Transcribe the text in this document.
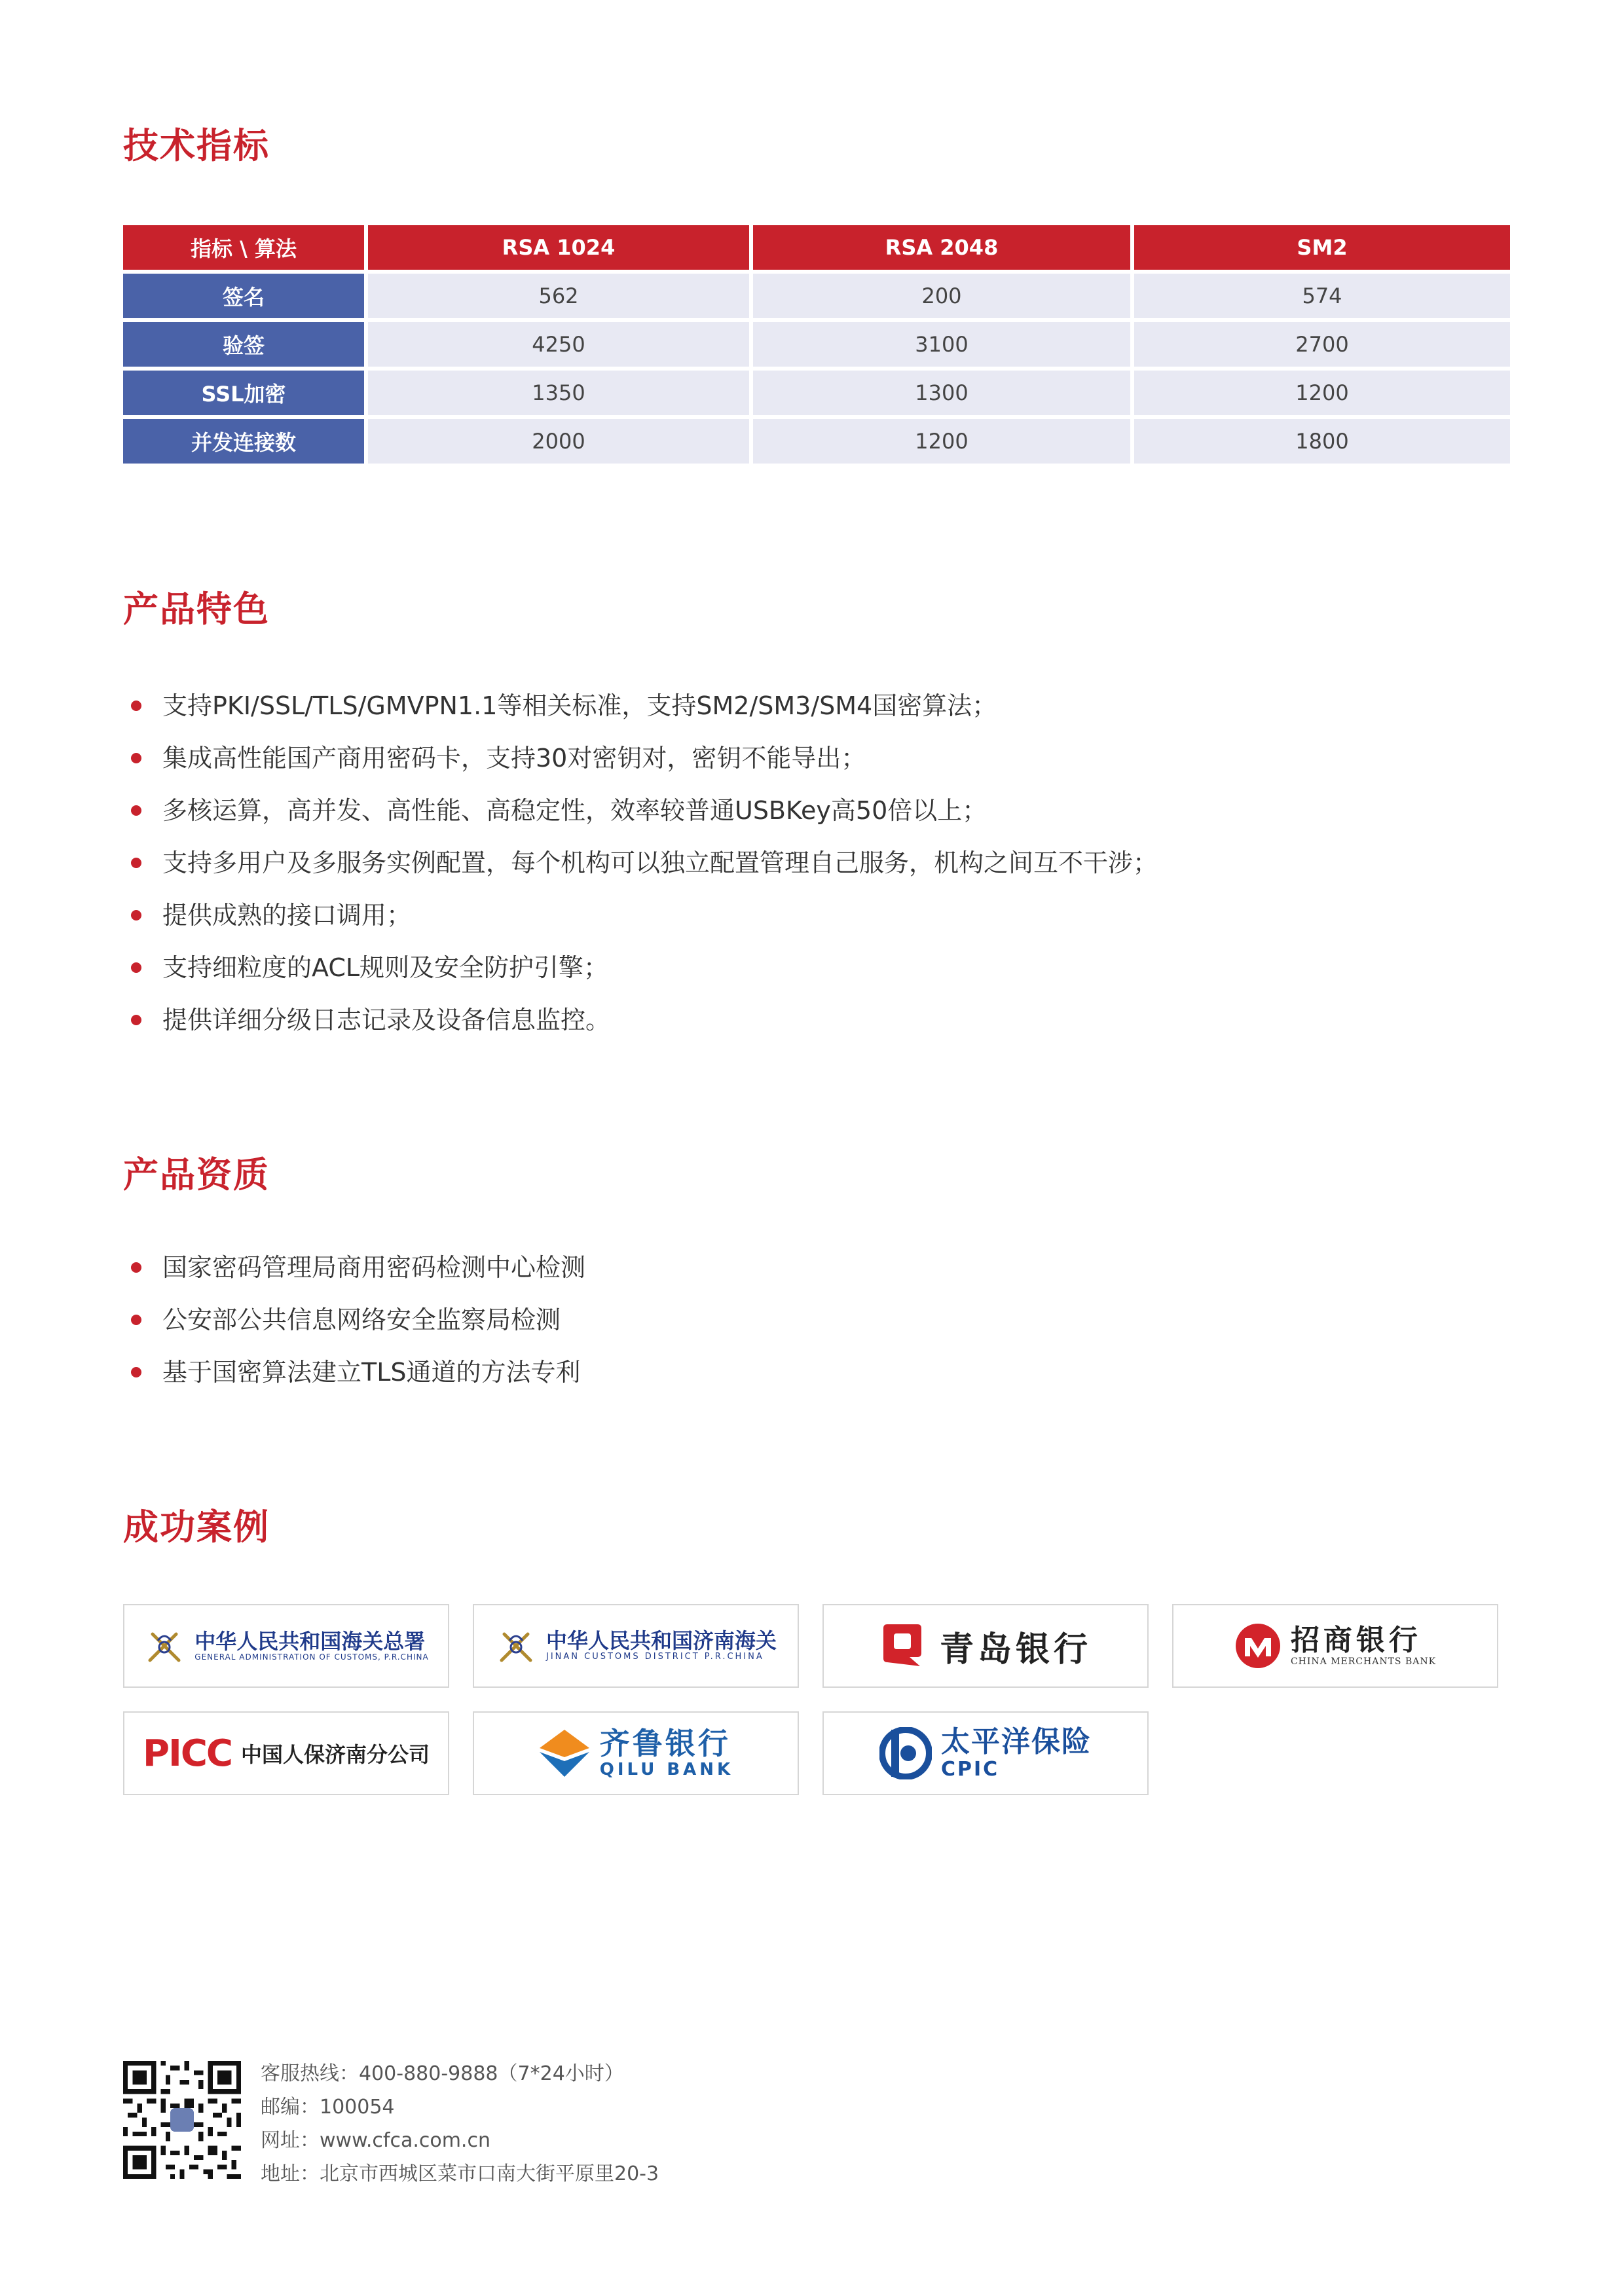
技术指标
指标 \ 算法	RSA 1024	RSA 2048	SM2
签名	562	200	574
验签	4250	3100	2700
SSL加密	1350	1300	1200
并发连接数	2000	1200	1800
产品特色
支持PKI/SSL/TLS/GMVPN1.1等相关标准，支持SM2/SM3/SM4国密算法；
集成高性能国产商用密码卡，支持30对密钥对，密钥不能导出；
多核运算，高并发、高性能、高稳定性，效率较普通USBKey高50倍以上；
支持多用户及多服务实例配置，每个机构可以独立配置管理自己服务，机构之间互不干涉；
提供成熟的接口调用；
支持细粒度的ACL规则及安全防护引擎；
提供详细分级日志记录及设备信息监控。
产品资质
国家密码管理局商用密码检测中心检测
公安部公共信息网络安全监察局检测
基于国密算法建立TLS通道的方法专利
成功案例
中华人民共和国海关总署
GENERAL ADMINISTRATION OF CUSTOMS, P.R.CHINA
中华人民共和国济南海关
JINAN CUSTOMS DISTRICT P.R.CHINA	青岛银行	招商银行
CHINA MERCHANTS BANK
PICC 中国人保济南分公司	齐鲁银行
QILU BANK
太平洋保险
CPIC
客服热线：400-880-9888（7*24小时）
邮编：100054
网址：www.cfca.com.cn
地址：北京市西城区菜市口南大街平原里20-3
